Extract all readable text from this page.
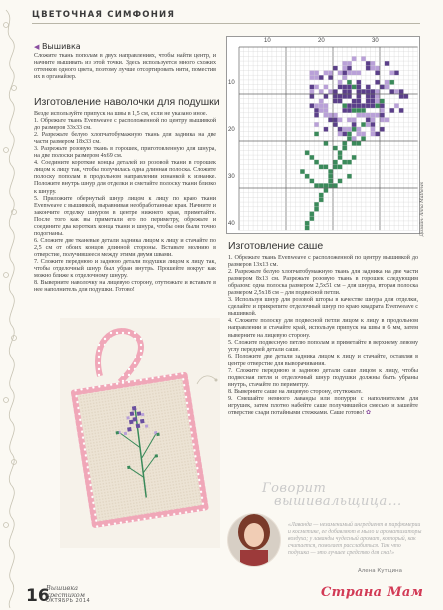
ЦВЕТОЧНАЯ СИМФОНИЯ
◀ Вышивка
Сложите ткань пополам в двух направлениях, чтобы найти центр, и начните вышивать из этой точки. Здесь используется много схожих оттенков одного цвета, поэтому лучше отсортировать нити, поместив их в органайзер.
Изготовление наволочки для подушки

Везде используйте припуск на швы в 1,5 см, если не указано иное.

1. Обрежьте ткань Evenweave с расположенной по центру вышивкой до размеров 33х33 см.

2. Разрежьте белую хлопчатобумажную ткань для задника на две части размером 18х33 см.

3. Разрежьте розовую ткань в горошек, приготовленную для шнура, на две полоски размером 4х69 см.

4. Соедините короткие концы деталей из розовой ткани в горошек лицом к лицу так, чтобы получилась одна длинная полоска. Сложите полоску пополам в продольном направлении изнанкой к изнанке. Положите внутрь шнур для отделки и сметайте полоску ткани близко к шнуру.

5. Приложите обернутый шнур лицом к лицу по краю ткани Evenweave с вышивкой, выравнивая необработанные края. Начните и закончите отделку шнуром в центре нижнего края, приметайте. После того как вы приметали его по периметру, обрежьте и соедините два коротких конца ткани и шнура, чтобы они были точно подогнаны.

6. Сложите две тканевые детали задника лицом к лицу и стачайте по 2,5 см от обоих концов длинной стороны. Вставьте молнию в отверстие, получившееся между этими двумя швами.

7. Сложите переднюю и заднюю детали подушки лицом к лицу так, чтобы отделочный шнур был убран внутрь. Прошейте вокруг как можно ближе к отделочному шнуру.

8. Выверните наволочку на лицевую сторону, отутюжьте и вставьте в нее наполнитель для подушки. Готово!

10	20	30
10
20
30
40	Дизайн: Anna Mathews
Изготовление саше

1. Обрежьте ткань Evenweave с расположенной по центру вышивкой до размеров 13х13 см.

2. Разрежьте белую хлопчатобумажную ткань для задника на две части размером 8х13 см. Разрежьте розовую ткань в горошек следующим образом: одна полоска размером 2,5х51 см – для шнура, вторая полоска размером 2,5х18 см – для подвесной петли.

3. Используя шнур для розовой шторы в качестве шнура для отделки, сделайте и прикрепите отделочный шнур по краю квадрата Evenweave с вышивкой.

4. Сложите полоску для подвесной петли лицом к лицу в продольном направлении и стачайте край, используя припуск на швы в 6 мм, затем выверните на лицевую сторону.

5. Сложите подвесную петлю пополам и приметайте в верхнему левому углу передней детали саше.

6. Положите две детали задника лицом к лицу и стачайте, оставляя в центре отверстие для выворачивания.

7. Сложите переднюю и заднюю детали саше лицом к лицу, чтобы подвесная петля и отделочный шнур подушки должны быть убраны внутрь, стачайте по периметру.

8. Выверните саше на лицевую сторону, отутюжьте.

9. Смешайте немного лаванды или попурри с наполнителем для игрушек, затем плотно набейте саше получившейся смесью и зашейте отверстие сзади потайными стежками. Саше готово! ✿

Говорит
вышивальщица...
«Лаванда — незаменимый ингредиент в парфюмерии и косметике, ее добавляют в мыло и ароматизаторы воздуха; у лаванды чудесный аромат, который, как считается, помогает расслабиться. Так что подушка — это лучшее средство для сна!»
Алена Кутцина
16
Вышивка
крестиком
ОКТЯБРЬ 2014
Страна Мам
